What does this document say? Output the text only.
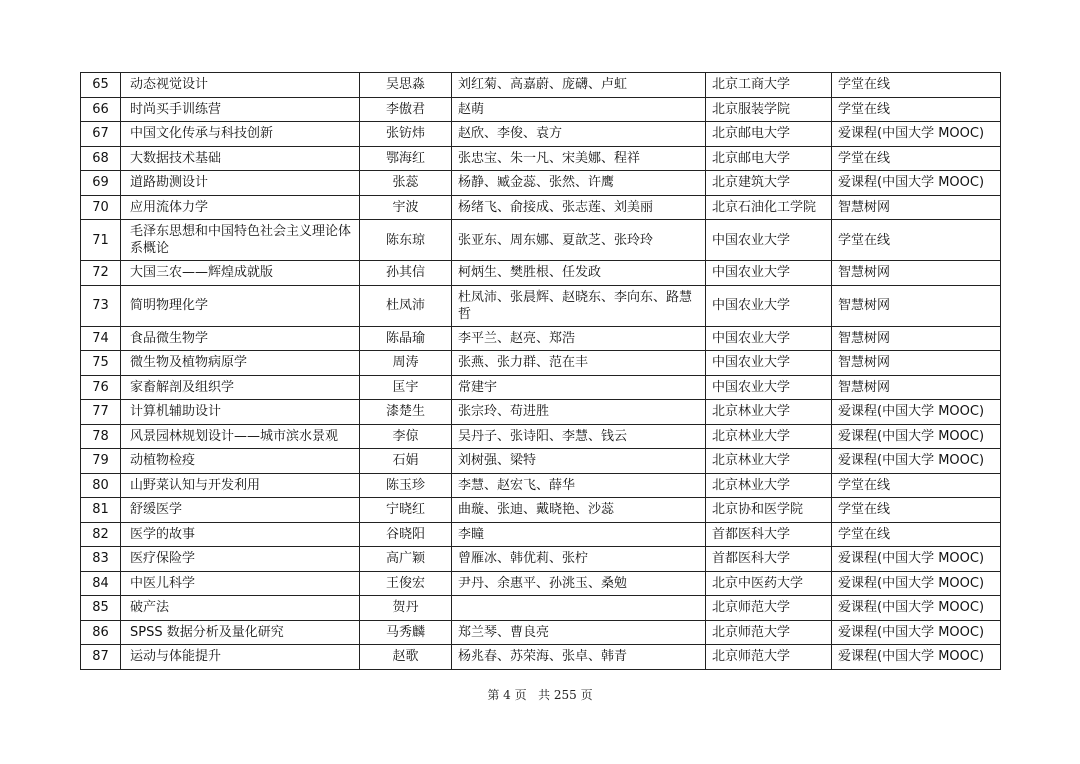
65	动态视觉设计	吴思淼	刘红菊、高嘉蔚、庞礴、卢虹	北京工商大学	学堂在线
66	时尚买手训练营	李傲君	赵萌	北京服装学院	学堂在线
67	中国文化传承与科技创新	张钫炜	赵欣、李俊、袁方	北京邮电大学	爱课程(中国大学 MOOC)
68	大数据技术基础	鄂海红	张忠宝、朱一凡、宋美娜、程祥	北京邮电大学	学堂在线
69	道路勘测设计	张蕊	杨静、臧金蕊、张然、许鹰	北京建筑大学	爱课程(中国大学 MOOC)
70	应用流体力学	宇波	杨绪飞、俞接成、张志莲、刘美丽	北京石油化工学院	智慧树网
71	毛泽东思想和中国特色社会主义理论体系概论	陈东琼	张亚东、周东娜、夏歆芝、张玲玲	中国农业大学	学堂在线
72	大国三农——辉煌成就版	孙其信	柯炳生、樊胜根、任发政	中国农业大学	智慧树网
73	简明物理化学	杜凤沛	杜凤沛、张晨辉、赵晓东、李向东、路慧哲	中国农业大学	智慧树网
74	食品微生物学	陈晶瑜	李平兰、赵亮、郑浩	中国农业大学	智慧树网
75	微生物及植物病原学	周涛	张燕、张力群、范在丰	中国农业大学	智慧树网
76	家畜解剖及组织学	匡宇	常建宇	中国农业大学	智慧树网
77	计算机辅助设计	漆楚生	张宗玲、苟进胜	北京林业大学	爱课程(中国大学 MOOC)
78	风景园林规划设计——城市滨水景观	李倞	吴丹子、张诗阳、李慧、钱云	北京林业大学	爱课程(中国大学 MOOC)
79	动植物检疫	石娟	刘树强、梁特	北京林业大学	爱课程(中国大学 MOOC)
80	山野菜认知与开发利用	陈玉珍	李慧、赵宏飞、薛华	北京林业大学	学堂在线
81	舒缓医学	宁晓红	曲璇、张迪、戴晓艳、沙蕊	北京协和医学院	学堂在线
82	医学的故事	谷晓阳	李瞳	首都医科大学	学堂在线
83	医疗保险学	高广颖	曾雁冰、韩优莉、张柠	首都医科大学	爱课程(中国大学 MOOC)
84	中医儿科学	王俊宏	尹丹、余惠平、孙洮玉、桑勉	北京中医药大学	爱课程(中国大学 MOOC)
85	破产法	贺丹		北京师范大学	爱课程(中国大学 MOOC)
86	SPSS 数据分析及量化研究	马秀麟	郑兰琴、曹良亮	北京师范大学	爱课程(中国大学 MOOC)
87	运动与体能提升	赵歌	杨兆春、苏荣海、张卓、韩青	北京师范大学	爱课程(中国大学 MOOC)
第 4 页 共 255 页
